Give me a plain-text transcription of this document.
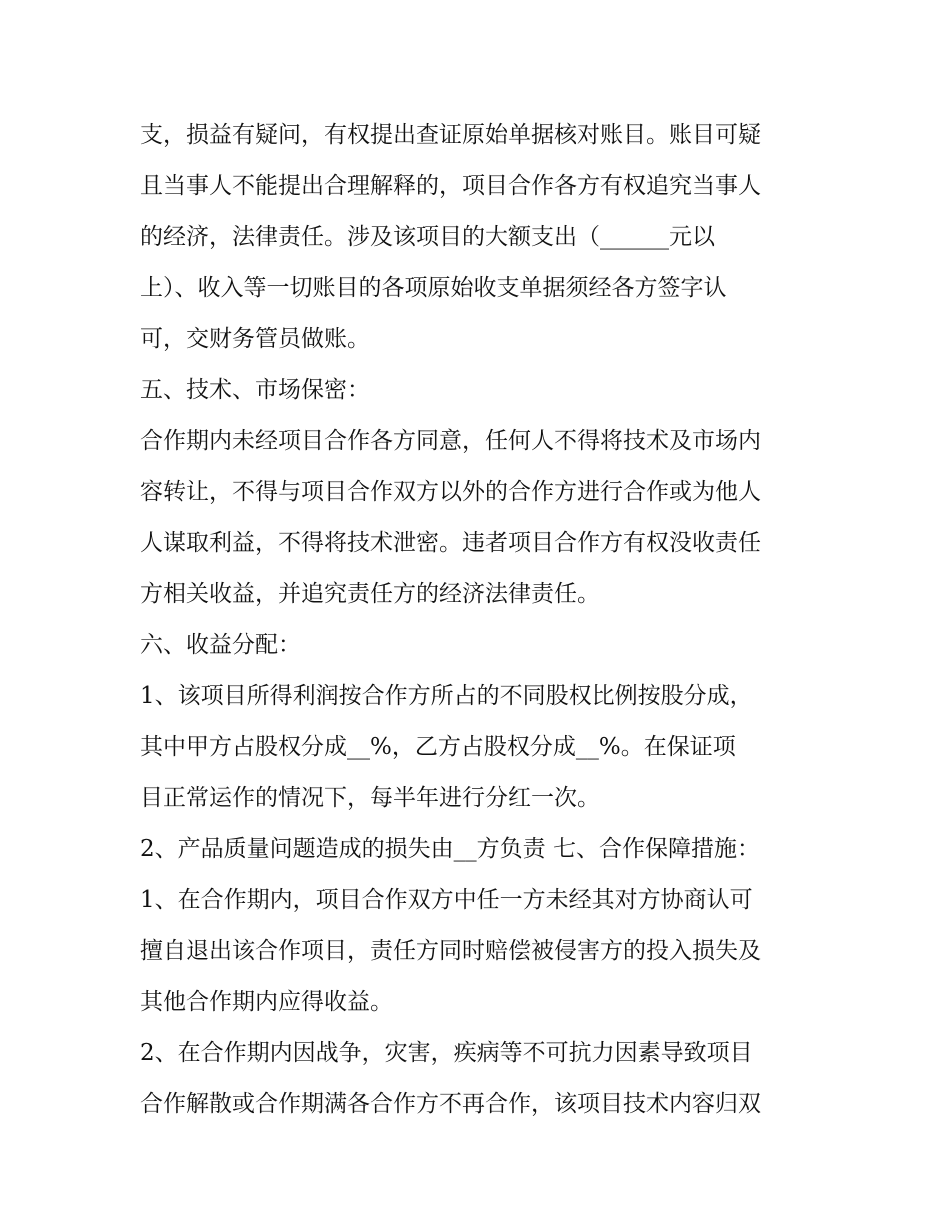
支，损益有疑问，有权提出查证原始单据核对账目。账目可疑
且当事人不能提出合理解释的，项目合作各方有权追究当事人
的经济，法律责任。涉及该项目的大额支出（______元以
上）、收入等一切账目的各项原始收支单据须经各方签字认
可，交财务管员做账。
五、技术、市场保密：
合作期内未经项目合作各方同意，任何人不得将技术及市场内
容转让，不得与项目合作双方以外的合作方进行合作或为他人
人谋取利益，不得将技术泄密。违者项目合作方有权没收责任
方相关收益，并追究责任方的经济法律责任。
六、收益分配：
1、该项目所得利润按合作方所占的不同股权比例按股分成，
其中甲方占股权分成__%，乙方占股权分成__%。在保证项
目正常运作的情况下，每半年进行分红一次。
2、产品质量问题造成的损失由__方负责 七、合作保障措施：
1、在合作期内，项目合作双方中任一方未经其对方协商认可
擅自退出该合作项目，责任方同时赔偿被侵害方的投入损失及
其他合作期内应得收益。
2、在合作期内因战争，灾害，疾病等不可抗力因素导致项目
合作解散或合作期满各合作方不再合作，该项目技术内容归双
